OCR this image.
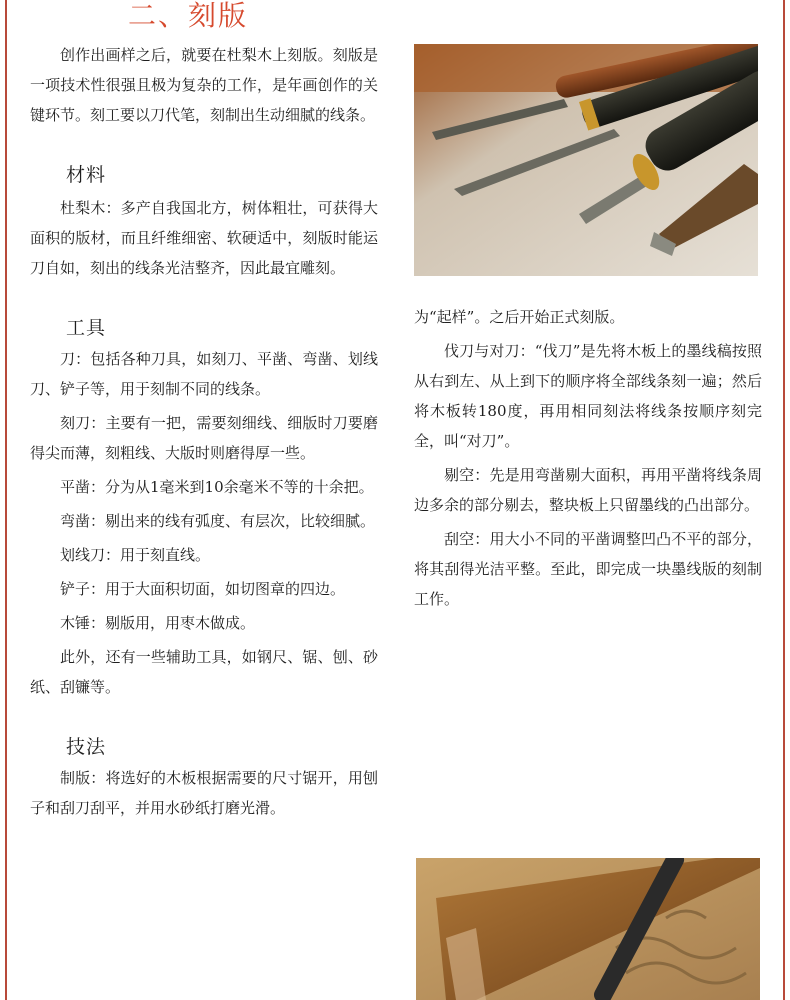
二、刻版

创作出画样之后，就要在杜梨木上刻版。刻版是一项技术性很强且极为复杂的工作，是年画创作的关键环节。刻工要以刀代笔，刻制出生动细腻的线条。

材料

杜梨木：多产自我国北方，树体粗壮，可获得大面积的版材，而且纤维细密、软硬适中，刻版时能运刀自如，刻出的线条光洁整齐，因此最宜雕刻。

工具

刀：包括各种刀具，如刻刀、平凿、弯凿、划线刀、铲子等，用于刻制不同的线条。

刻刀：主要有一把，需要刻细线、细版时刀要磨得尖而薄，刻粗线、大版时则磨得厚一些。

平凿：分为从1毫米到10余毫米不等的十余把。

弯凿：剔出来的线有弧度、有层次，比较细腻。

划线刀：用于刻直线。

铲子：用于大面积切面，如切图章的四边。

木锤：剔版用，用枣木做成。

此外，还有一些辅助工具，如钢尺、锯、刨、砂纸、刮镰等。

技法

制版：将选好的木板根据需要的尺寸锯开，用刨子和刮刀刮平，并用水砂纸打磨光滑。

为“起样”。之后开始正式刻版。

伐刀与对刀：“伐刀”是先将木板上的墨线稿按照从右到左、从上到下的顺序将全部线条刻一遍；然后将木板转180度，再用相同刻法将线条按顺序刻完全，叫“对刀”。

剔空：先是用弯凿剔大面积，再用平凿将线条周边多余的部分剔去，整块板上只留墨线的凸出部分。

刮空：用大小不同的平凿调整凹凸不平的部分，将其刮得光洁平整。至此，即完成一块墨线版的刻制工作。
